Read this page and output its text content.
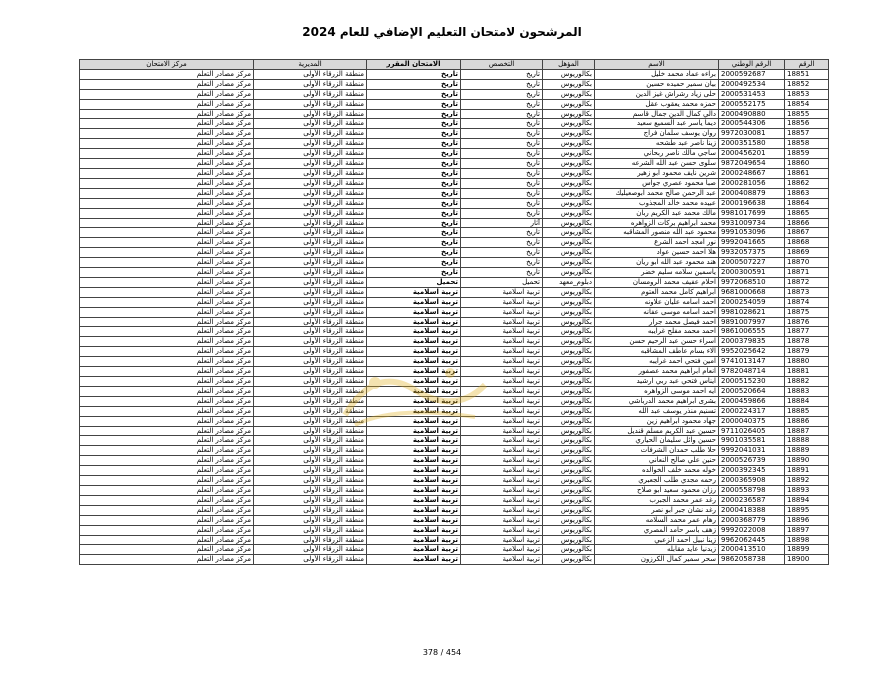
المرشحون لامتحان التعليم الإضافي للعام 2024
الرقم	الرقم الوطني	الاسم	المؤهل	التخصص	الامتحان المقرر	المديرية	مركز الامتحان
18851	2000592687	براءه عماد محمد خليل	بكالوريوس	تاريخ	تاريخ	منطقة الزرقاء الأولى	مركز مصادر التعلم
18852	2000492534	بيان سمير حميده حسين	بكالوريوس	تاريخ	تاريخ	منطقة الزرقاء الأولى	مركز مصادر التعلم
18853	2000531453	حلى زياد رشراش غيز الدين	بكالوريوس	تاريخ	تاريخ	منطقة الزرقاء الأولى	مركز مصادر التعلم
18854	2000552175	حمزه محمد يعقوب عقل	بكالوريوس	تاريخ	تاريخ	منطقة الزرقاء الأولى	مركز مصادر التعلم
18855	2000490880	دالي كمال الدين جمال قاسم	بكالوريوس	تاريخ	تاريخ	منطقة الزرقاء الأولى	مركز مصادر التعلم
18856	2000544306	ديما ياسر عبد السميع سعيد	بكالوريوس	تاريخ	تاريخ	منطقة الزرقاء الأولى	مركز مصادر التعلم
18857	9972030081	روان يوسف سلمان فراج	بكالوريوس	تاريخ	تاريخ	منطقة الزرقاء الأولى	مركز مصادر التعلم
18858	2000351580	زينا ناصر عبد طشحه	بكالوريوس	تاريخ	تاريخ	منطقة الزرقاء الأولى	مركز مصادر التعلم
18859	2000456201	ساجي مالك ناصر ربحاني	بكالوريوس	تاريخ	تاريخ	منطقة الزرقاء الأولى	مركز مصادر التعلم
18860	9872049654	سلوى حسن عبد الله الشرعه	بكالوريوس	تاريخ	تاريخ	منطقة الزرقاء الأولى	مركز مصادر التعلم
18861	2000248667	شرين نايف محمود ابو زهير	بكالوريوس	تاريخ	تاريخ	منطقة الزرقاء الأولى	مركز مصادر التعلم
18862	2000281056	صبا محمود عصري جواس	بكالوريوس	تاريخ	تاريخ	منطقة الزرقاء الأولى	مركز مصادر التعلم
18863	2000408879	عبد الرحمن صالح محمد ابوصعيليك	بكالوريوس	تاريخ	تاريخ	منطقة الزرقاء الأولى	مركز مصادر التعلم
18864	2000196638	عبيده محمد خالد المجذوب	بكالوريوس	تاريخ	تاريخ	منطقة الزرقاء الأولى	مركز مصادر التعلم
18865	9981017699	مالك محمد عبد الكريم ربان	بكالوريوس	تاريخ	تاريخ	منطقة الزرقاء الأولى	مركز مصادر التعلم
18866	9931009734	محمد ابراهيم بركات الزواهره	بكالوريوس	آثار	تاريخ	منطقة الزرقاء الأولى	مركز مصادر التعلم
18867	9991053096	محمود عبد الله منصور المشاقبه	بكالوريوس	تاريخ	تاريخ	منطقة الزرقاء الأولى	مركز مصادر التعلم
18868	9992041665	نور امجد احمد الشرع	بكالوريوس	تاريخ	تاريخ	منطقة الزرقاء الأولى	مركز مصادر التعلم
18869	9932057375	هلا احمد حسين عواد	بكالوريوس	تاريخ	تاريخ	منطقة الزرقاء الأولى	مركز مصادر التعلم
18870	2000507227	هند محمود عبد الله ابو ريان	بكالوريوس	تاريخ	تاريخ	منطقة الزرقاء الأولى	مركز مصادر التعلم
18871	2000300591	ياسمين سلامه سليم خضر	بكالوريوس	تاريخ	تاريخ	منطقة الزرقاء الأولى	مركز مصادر التعلم
18872	9972068510	احلام عفيف محمد الرومسان	دبلوم_معهد	تحميل	تحميل	منطقة الزرقاء الأولى	مركز مصادر التعلم
18873	9681000668	ابراهيم كامل محمد العتوم	بكالوريوس	تربية اسلامية	تربية اسلامية	منطقة الزرقاء الأولى	مركز مصادر التعلم
18874	2000254059	احمد اسامه عليان علاونه	بكالوريوس	تربية اسلامية	تربية اسلامية	منطقة الزرقاء الأولى	مركز مصادر التعلم
18875	9981028621	احمد اسامه موسى عفانه	بكالوريوس	تربية اسلامية	تربية اسلامية	منطقة الزرقاء الأولى	مركز مصادر التعلم
18876	9891007997	احمد فيصل محمد جرار	بكالوريوس	تربية اسلامية	تربية اسلامية	منطقة الزرقاء الأولى	مركز مصادر التعلم
18877	9861006555	احمد محمد مفلح غرايبه	بكالوريوس	تربية اسلامية	تربية اسلامية	منطقة الزرقاء الأولى	مركز مصادر التعلم
18878	2000379835	اسراء حسن عبد الرحيم حسن	بكالوريوس	تربية اسلامية	تربية اسلامية	منطقة الزرقاء الأولى	مركز مصادر التعلم
18879	9952025642	الاء بسام عاطف المشاقبه	بكالوريوس	تربية اسلامية	تربية اسلامية	منطقة الزرقاء الأولى	مركز مصادر التعلم
18880	9741013147	امين فتحي احمد غرايبه	بكالوريوس	تربية اسلامية	تربية اسلامية	منطقة الزرقاء الأولى	مركز مصادر التعلم
18881	9782048714	انعام ابراهيم محمد عصفور	بكالوريوس	تربية اسلامية	تربية اسلامية	منطقة الزرقاء الأولى	مركز مصادر التعلم
18882	2000515230	ايناس فتحي عبد ربي ارشيد	بكالوريوس	تربية اسلامية	تربية اسلامية	منطقة الزرقاء الأولى	مركز مصادر التعلم
18883	2000520664	ايه احمد موسى الزواهره	بكالوريوس	تربية اسلامية	تربية اسلامية	منطقة الزرقاء الأولى	مركز مصادر التعلم
18884	2000459866	بشرى ابراهيم محمد الدرباشي	بكالوريوس	تربية اسلامية	تربية اسلامية	منطقة الزرقاء الأولى	مركز مصادر التعلم
18885	2000224317	تسنيم منذر يوسف عبد الله	بكالوريوس	تربية اسلامية	تربية اسلامية	منطقة الزرقاء الأولى	مركز مصادر التعلم
18886	2000040375	جهاد محمود ابراهيم زين	بكالوريوس	تربية اسلامية	تربية اسلامية	منطقة الزرقاء الأولى	مركز مصادر التعلم
18887	9711026405	حسين عبد الكريم مسلم قنديل	بكالوريوس	تربية اسلامية	تربية اسلامية	منطقة الزرقاء الأولى	مركز مصادر التعلم
18888	9901035581	حسين وائل سليمان الحياري	بكالوريوس	تربية اسلامية	تربية اسلامية	منطقة الزرقاء الأولى	مركز مصادر التعلم
18889	9992041031	حلا طلب حمدان الشرفات	بكالوريوس	تربية اسلامية	تربية اسلامية	منطقة الزرقاء الأولى	مركز مصادر التعلم
18890	2000526739	حنين علي صالح النعاني	بكالوريوس	تربية اسلامية	تربية اسلامية	منطقة الزرقاء الأولى	مركز مصادر التعلم
18891	2000392345	خوله محمد خلف الخوالده	بكالوريوس	تربية اسلامية	تربية اسلامية	منطقة الزرقاء الأولى	مركز مصادر التعلم
18892	2000365908	رحمه مجدي طلب الجعبري	بكالوريوس	تربية اسلامية	تربية اسلامية	منطقة الزرقاء الأولى	مركز مصادر التعلم
18893	2000558798	رزان محمود سعيد ابو صلاح	بكالوريوس	تربية اسلامية	تربية اسلامية	منطقة الزرقاء الأولى	مركز مصادر التعلم
18894	2000236587	رغد عمر محمد الجبرب	بكالوريوس	تربية اسلامية	تربية اسلامية	منطقة الزرقاء الأولى	مركز مصادر التعلم
18895	2000418388	رغد نشأن جبر ابو نصر	بكالوريوس	تربية اسلامية	تربية اسلامية	منطقة الزرقاء الأولى	مركز مصادر التعلم
18896	2000368779	رهام عمر محمد السلامه	بكالوريوس	تربية اسلامية	تربية اسلامية	منطقة الزرقاء الأولى	مركز مصادر التعلم
18897	9992022008	زهف باسر حامد المصري	بكالوريوس	تربية اسلامية	تربية اسلامية	منطقة الزرقاء الأولى	مركز مصادر التعلم
18898	9962062445	زينا نبيل احمد الزعبي	بكالوريوس	تربية اسلامية	تربية اسلامية	منطقة الزرقاء الأولى	مركز مصادر التعلم
18899	2000413510	زيدنيا عايد مقابله	بكالوريوس	تربية اسلامية	تربية اسلامية	منطقة الزرقاء الأولى	مركز مصادر التعلم
18900	9862058738	سحر سمير كمال الكرزون	بكالوريوس	تربية اسلامية	تربية اسلامية	منطقة الزرقاء الأولى	مركز مصادر التعلم
378 / 454
